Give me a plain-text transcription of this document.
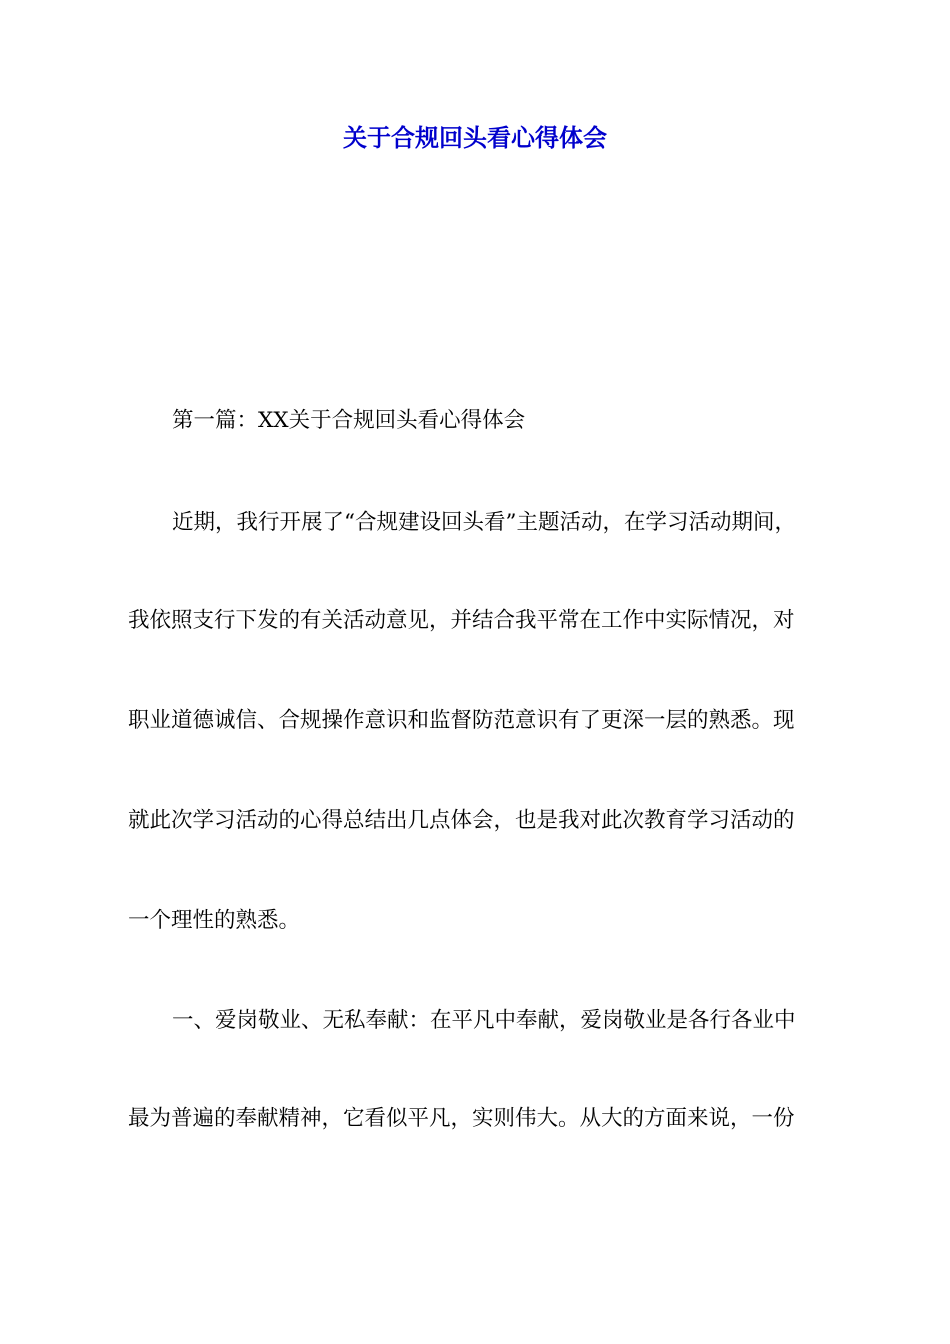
关于合规回头看心得体会

第一篇：XX关于合规回头看心得体会

近期，我行开展了“合规建设回头看”主题活动，在学习活动期间，

我依照支行下发的有关活动意见，并结合我平常在工作中实际情况，对

职业道德诚信、合规操作意识和监督防范意识有了更深一层的熟悉。现

就此次学习活动的心得总结出几点体会，也是我对此次教育学习活动的

一个理性的熟悉。

一、爱岗敬业、无私奉献：在平凡中奉献，爱岗敬业是各行各业中

最为普遍的奉献精神，它看似平凡，实则伟大。从大的方面来说，一份
